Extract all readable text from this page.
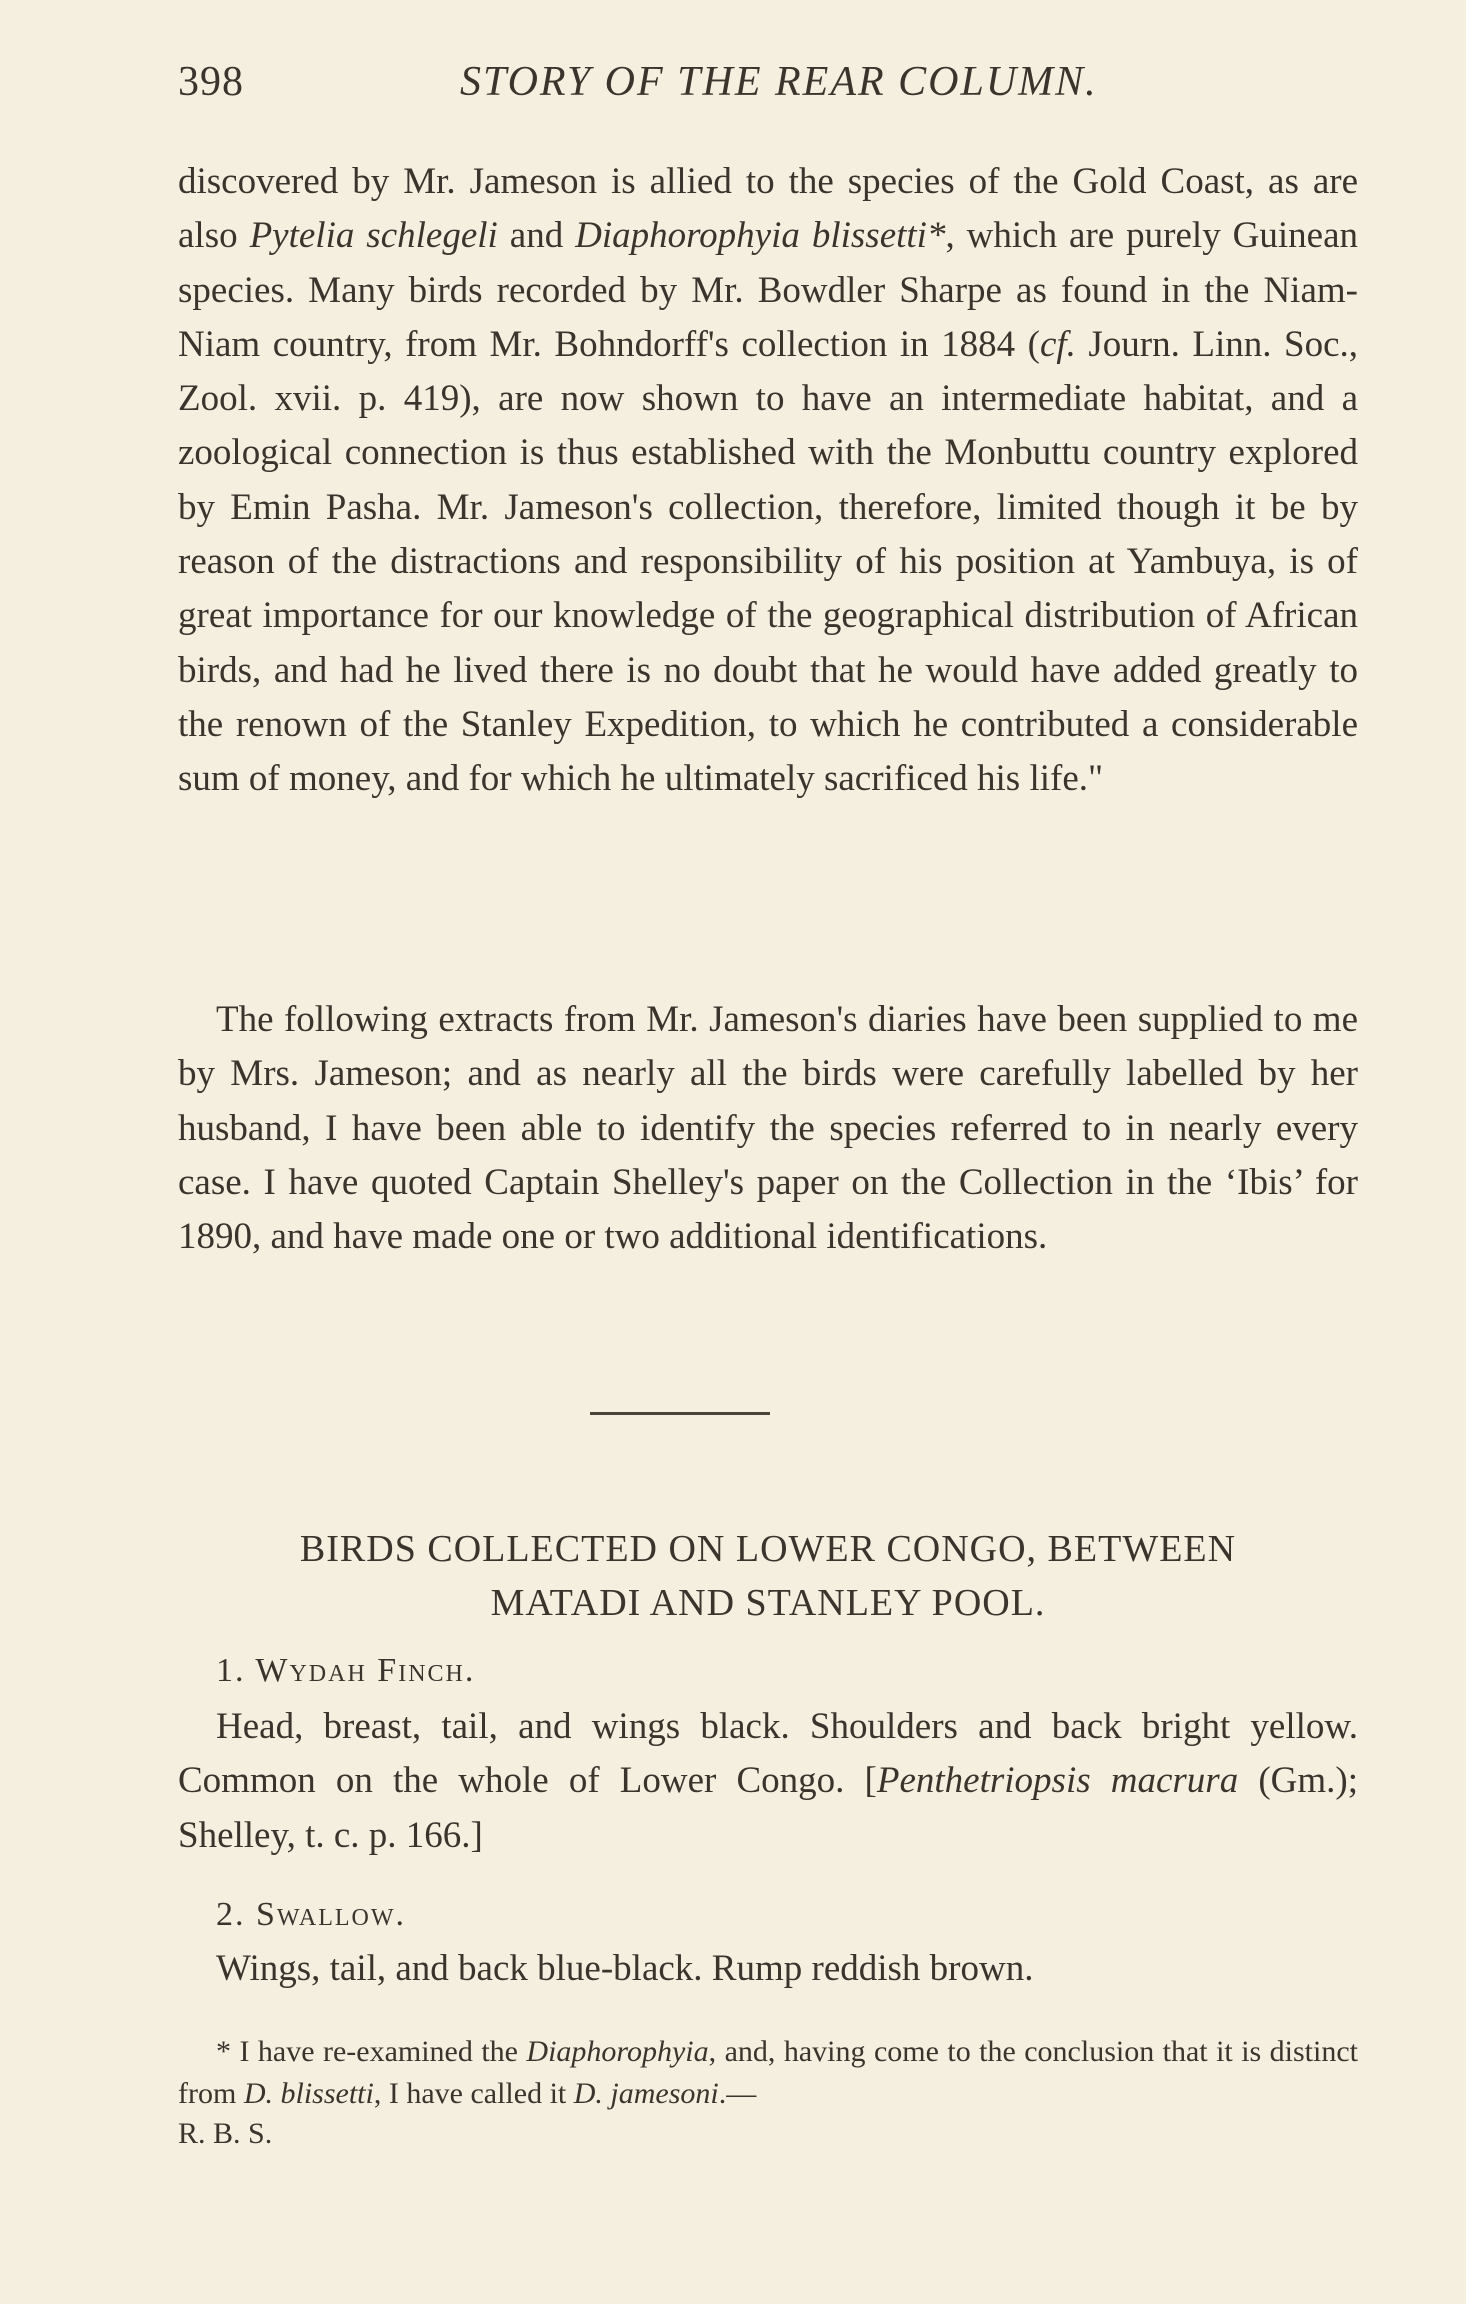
398	STORY OF THE REAR COLUMN.

discovered by Mr. Jameson is allied to the species of the Gold Coast, as are also Pytelia schlegeli and Diaphorophyia blissetti*, which are purely Guinean species. Many birds recorded by Mr. Bowdler Sharpe as found in the Niam-Niam country, from Mr. Bohndorff's collection in 1884 (cf. Journ. Linn. Soc., Zool. xvii. p. 419), are now shown to have an intermediate habitat, and a zoological connection is thus established with the Monbuttu country explored by Emin Pasha. Mr. Jameson's collection, therefore, limited though it be by reason of the distractions and responsibility of his position at Yambuya, is of great importance for our knowledge of the geographical distribution of African birds, and had he lived there is no doubt that he would have added greatly to the renown of the Stanley Expedition, to which he contributed a considerable sum of money, and for which he ultimately sacrificed his life."

The following extracts from Mr. Jameson's diaries have been supplied to me by Mrs. Jameson; and as nearly all the birds were carefully labelled by her husband, I have been able to identify the species referred to in nearly every case. I have quoted Captain Shelley's paper on the Collection in the ‘Ibis’ for 1890, and have made one or two additional identifications.

BIRDS COLLECTED ON LOWER CONGO, BETWEEN
MATADI AND STANLEY POOL.
1. Wydah Finch.

Head, breast, tail, and wings black. Shoulders and back bright yellow. Common on the whole of Lower Congo. [Penthetriopsis macrura (Gm.); Shelley, t. c. p. 166.]

2. Swallow.

Wings, tail, and back blue-black. Rump reddish brown.

* I have re-examined the Diaphorophyia, and, having come to the conclusion that it is distinct from D. blissetti, I have called it D. jamesoni.—

R. B. S.
